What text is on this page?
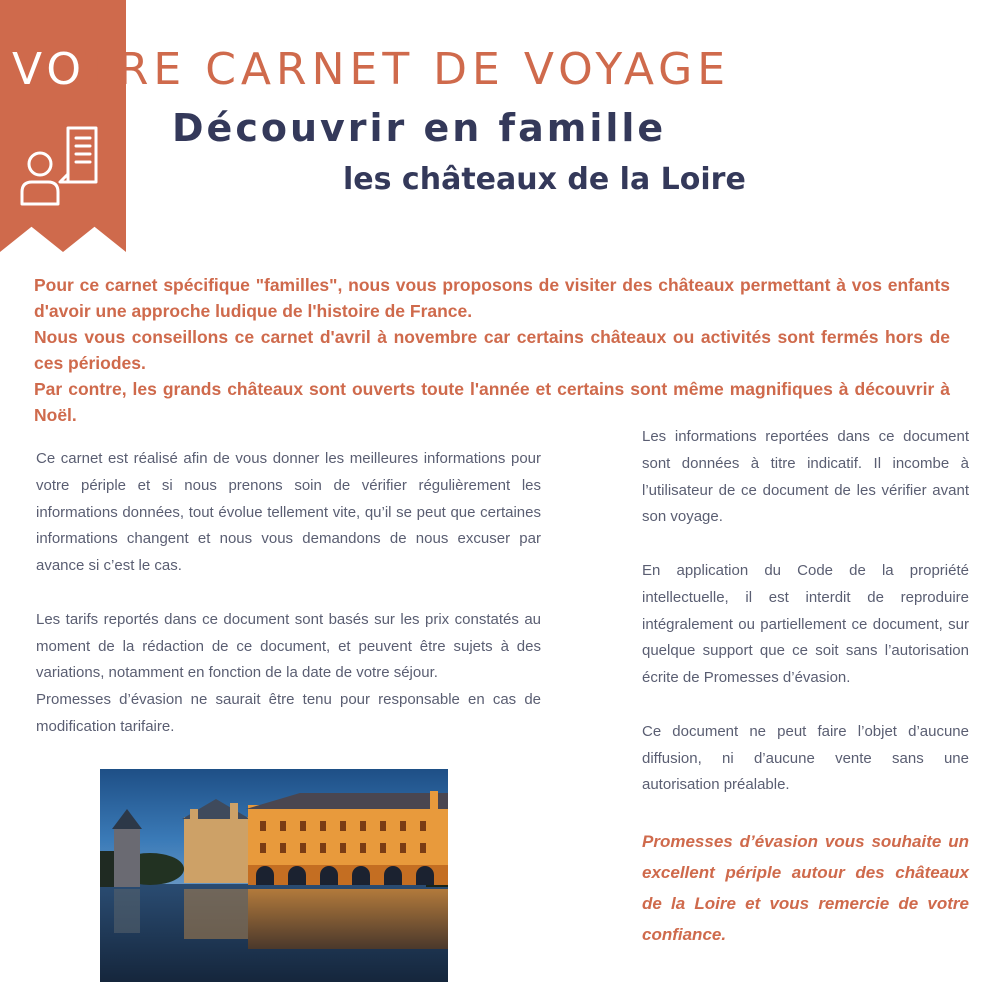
VOTRE CARNET DE VOYAGE
Découvrir en famille
les châteaux de la Loire
Pour ce carnet spécifique "familles", nous vous proposons de visiter des châteaux permettant à vos enfants d'avoir une approche ludique de l'histoire de France.
Nous vous conseillons ce carnet d'avril à novembre car certains châteaux ou activités sont fermés hors de ces périodes.
Par contre, les grands châteaux sont ouverts toute l'année et certains sont même magnifiques à découvrir à Noël.

Ce carnet est réalisé afin de vous donner les meilleures informations pour votre périple et si nous prenons soin de vérifier régulièrement les informations données, tout évolue tellement vite, qu’il se peut que certaines informations changent et nous vous demandons de nous excuser par avance si c’est le cas.

Les tarifs reportés dans ce document sont basés sur les prix constatés au moment de la rédaction de ce document, et peuvent être sujets à des variations, notamment en fonction de la date de votre séjour.

Promesses d’évasion ne saurait être tenu pour responsable en cas de modification tarifaire.

Les informations reportées dans ce document sont données à titre indicatif. Il incombe à l’utilisateur de ce document de les vérifier avant son voyage.

En application du Code de la propriété intellectuelle, il est interdit de reproduire intégralement ou partiellement ce document, sur quelque support que ce soit sans l’autorisation écrite de Promesses d’évasion.

Ce document ne peut faire l’objet d’aucune diffusion, ni d’aucune vente sans une autorisation préalable.

Promesses d’évasion vous souhaite un excellent périple autour des châteaux de la Loire et vous remercie de votre confiance.
